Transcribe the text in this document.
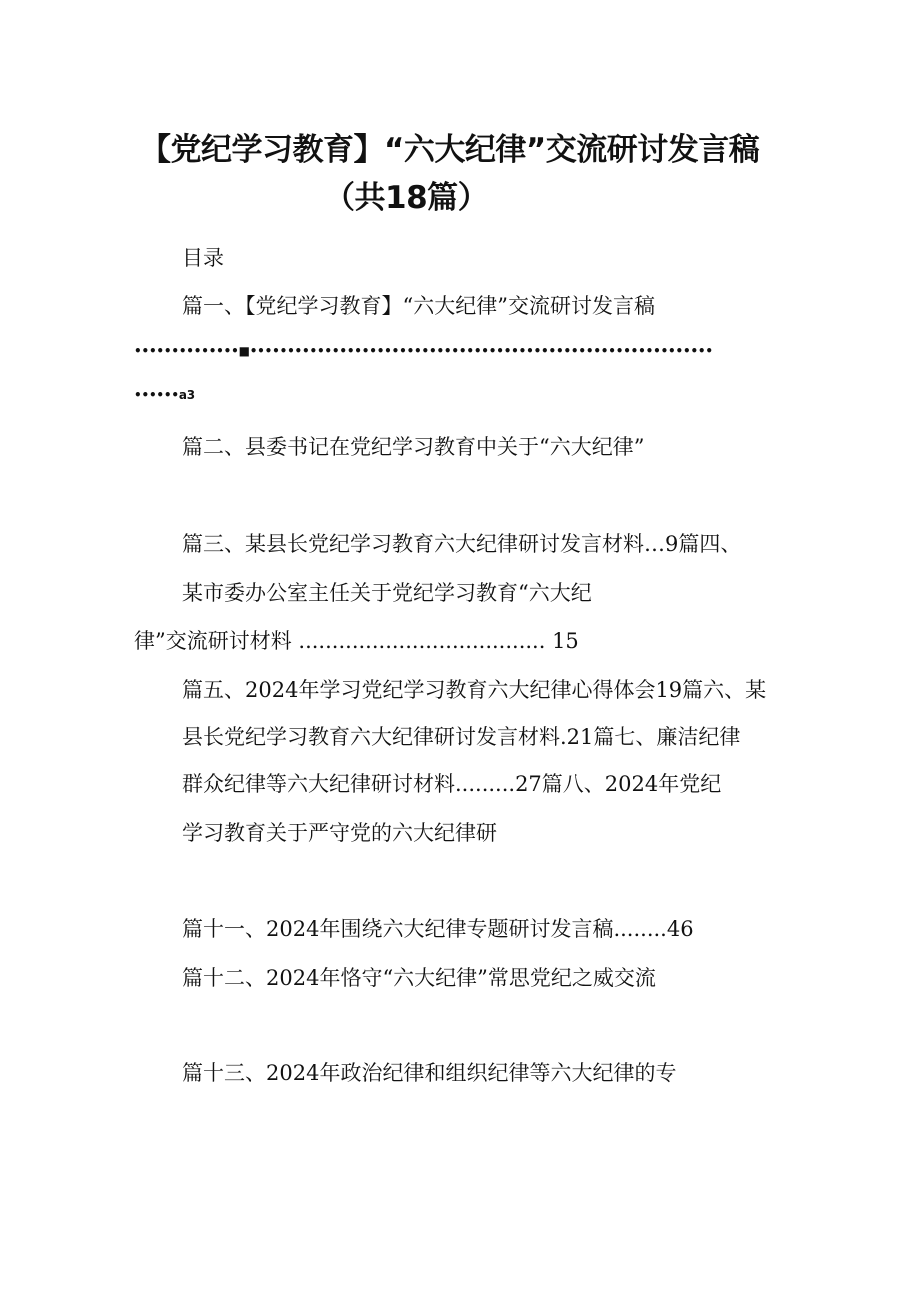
【党纪学习教育】“六大纪律”交流研讨发言稿
（共18篇）
目录
篇一、【党纪学习教育】“六大纪律”交流研讨发言稿
••••••••••••••■••••••••••••••••••••••••••••••••••••••••••••••••••••••••••••••
••••••a3
篇二、县委书记在党纪学习教育中关于“六大纪律”
篇三、某县长党纪学习教育六大纪律研讨发言材料…9篇四、
某市委办公室主任关于党纪学习教育“六大纪
律”交流研讨材料 ..................................... 15
篇五、2024年学习党纪学习教育六大纪律心得体会19篇六、某
县长党纪学习教育六大纪律研讨发言材料.21篇七、廉洁纪律
群众纪律等六大纪律研讨材料.........27篇八、2024年党纪
学习教育关于严守党的六大纪律研
篇十一、2024年围绕六大纪律专题研讨发言稿........46
篇十二、2024年恪守“六大纪律”常思党纪之威交流
篇十三、2024年政治纪律和组织纪律等六大纪律的专
